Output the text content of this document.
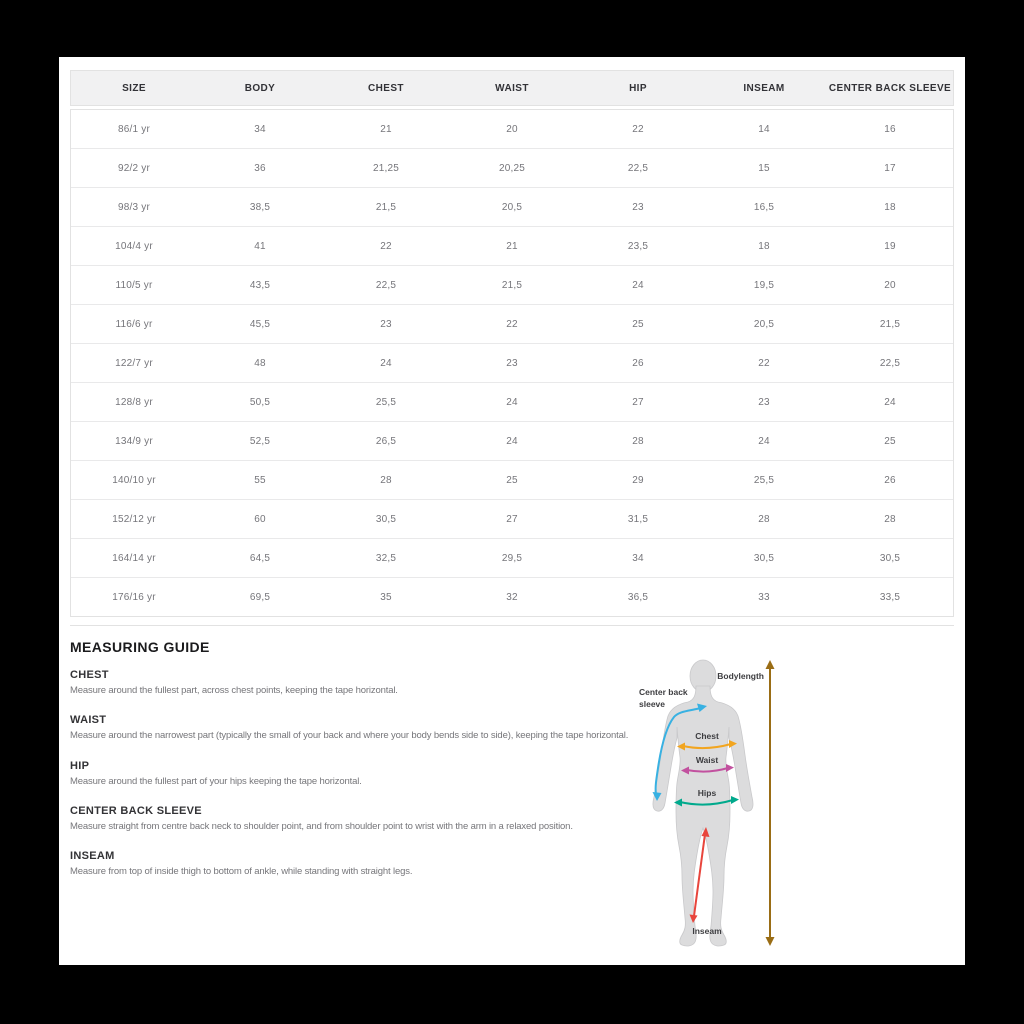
SIZE	BODY	CHEST	WAIST	HIP	INSEAM	CENTER BACK SLEEVE
86/1 yr	34	21	20	22	14	16
92/2 yr	36	21,25	20,25	22,5	15	17
98/3 yr	38,5	21,5	20,5	23	16,5	18
104/4 yr	41	22	21	23,5	18	19
110/5 yr	43,5	22,5	21,5	24	19,5	20
116/6 yr	45,5	23	22	25	20,5	21,5
122/7 yr	48	24	23	26	22	22,5
128/8 yr	50,5	25,5	24	27	23	24
134/9 yr	52,5	26,5	24	28	24	25
140/10 yr	55	28	25	29	25,5	26
152/12 yr	60	30,5	27	31,5	28	28
164/14 yr	64,5	32,5	29,5	34	30,5	30,5
176/16 yr	69,5	35	32	36,5	33	33,5
MEASURING GUIDE
CHEST
Measure around the fullest part, across chest points, keeping the tape horizontal.
WAIST
Measure around the narrowest part (typically the small of your back and where your body bends side to side), keeping the tape horizontal.
HIP
Measure around the fullest part of your hips keeping the tape horizontal.
CENTER BACK SLEEVE
Measure straight from centre back neck to shoulder point, and from shoulder point to wrist with the arm in a relaxed position.
INSEAM
Measure from top of inside thigh to bottom of ankle, while standing with straight legs.
Bodylength
Center back
sleeve
Chest
Waist
Hips
Inseam
